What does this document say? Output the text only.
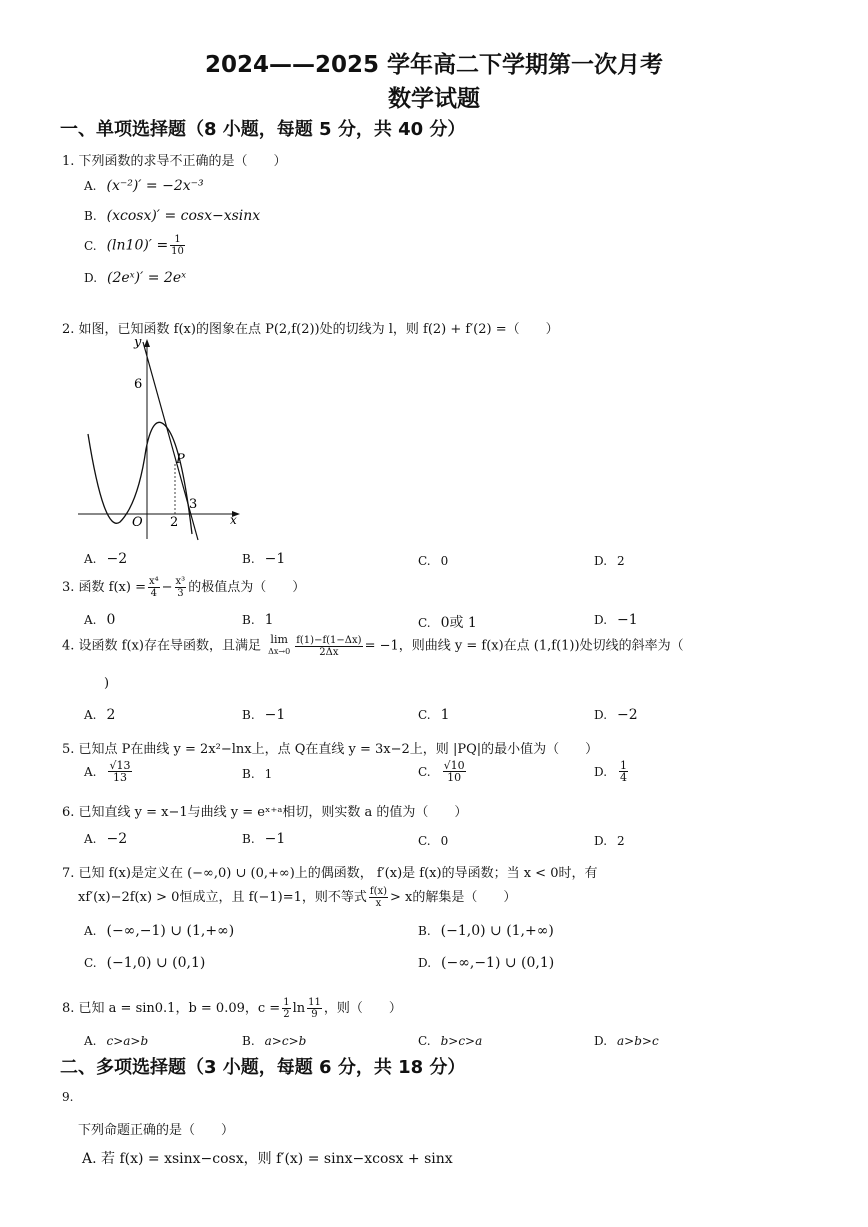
2024——2025 学年高二下学期第一次月考
数学试题
一、单项选择题（8 小题，每题 5 分，共 40 分）
1. 下列函数的求导不正确的是（　　）
A. (x⁻²)′ = −2x⁻³
B. (xcosx)′ = cosx−xsinx
C. $(\ln 10)' = \frac{1}{10}$
D. (2eˣ)′ = 2eˣ
2. 如图，已知函数 f(x)的图象在点 P(2,f(2))处的切线为 l，则 f(2) + f′(2) =（　　）
y
x
O
6
2
3
P
A. −2	B. −1	C. 0	D. 2
3. 函数 $f(x) = \frac{\text{x⁴}}{4} - \frac{\text{x³}}{3}$ 的极值点为（　　）
A. 0	B. 1	C. 0或 1	D. −1
4. 设函数 f(x)存在导函数，且满足 lim
$\Delta x\to 0 \frac{f(1)-f(1-\Delta x)}{2\Delta x} = -1$，则曲线 y = f(x)在点 (1,f(1))处切线的斜率为（
)
A. 2	B. −1	C. 1	D. −2
5. 已知点 P在曲线 y = 2x²−lnx上，点 Q在直线 y = 3x−2上，则 |PQ|的最小值为（　　）
A. $\frac{√13}{13}$	B. 1	C. $\frac{√10}{10}$	D. $\frac{1}{4}$
6. 已知直线 y = x−1与曲线 y = eˣ⁺ᵃ相切，则实数 a 的值为（　　）
A. −2	B. −1	C. 0	D. 2
7. 已知 f(x)是定义在 (−∞,0) ∪ (0,+∞)上的偶函数， f′(x)是 f(x)的导函数；当 x < 0时，有
xf′(x)−2f(x) > 0恒成立，且 f(−1)=1，则不等式 $\frac{f(x)}{x} > x$的解集是（　　）
A. (−∞,−1) ∪ (1,+∞)	B. (−1,0) ∪ (1,+∞)
C. (−1,0) ∪ (0,1)	D. (−∞,−1) ∪ (0,1)
8. 已知 a = sin0.1，b = 0.09，$c = \frac{1}{2}$ $\ln \frac{11}{9}$ ，则（　　）
A. c>a>b	B. a>c>b	C. b>c>a	D. a>b>c
二、多项选择题（3 小题，每题 6 分，共 18 分）
9.
下列命题正确的是（　　）
A. 若 f(x) = xsinx−cosx，则 f′(x) = sinx−xcosx + sinx
